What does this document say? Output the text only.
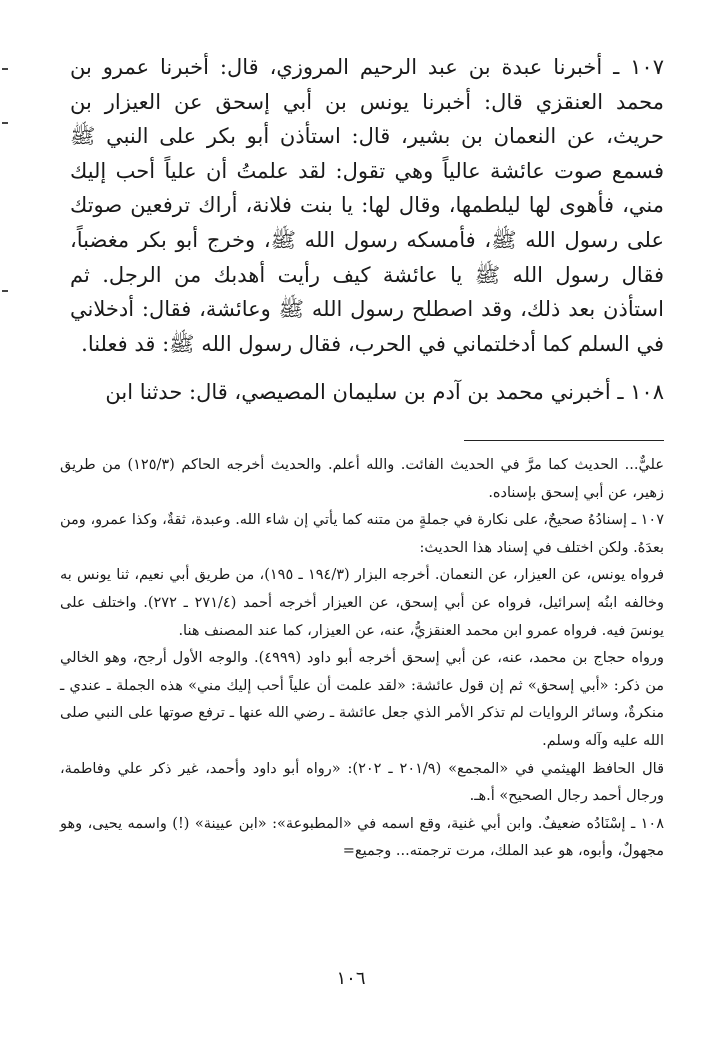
١٠٧ ـ أخبرنا عبدة بن عبد الرحيم المروزي، قال: أخبرنا عمرو بن محمد العنقزي قال: أخبرنا يونس بن أبي إسحق عن العيزار بن حريث، عن النعمان بن بشير، قال: استأذن أبو بكر على النبي ﷺ فسمع صوت عائشة عالياً وهي تقول: لقد علمتُ أن علياً أحب إليك مني، فأهوى لها ليلطمها، وقال لها: يا بنت فلانة، أراك ترفعين صوتك على رسول الله ﷺ، فأمسكه رسول الله ﷺ، وخرج أبو بكر مغضباً، فقال رسول الله ﷺ يا عائشة كيف رأيت أهدبك من الرجل. ثم استأذن بعد ذلك، وقد اصطلح رسول الله ﷺ وعائشة، فقال: أدخلاني في السلم كما أدخلتماني في الحرب، فقال رسول الله ﷺ: قد فعلنا.

١٠٨ ـ أخبرني محمد بن آدم بن سليمان المصيصي، قال: حدثنا ابن

عليٌّ... الحديث كما مرَّ في الحديث الفائت. والله أعلم. والحديث أخرجه الحاكم (١٢٥/٣) من طريق زهير، عن أبي إسحق بإسناده.

١٠٧ ـ إسنادُهُ صحيحٌ، على نكارة في جملةٍ من متنه كما يأتي إن شاء الله. وعبدة، ثقةٌ، وكذا عمرو، ومن بعدَهُ. ولكن اختلف في إسناد هذا الحديث:

فرواه يونس، عن العيزار، عن النعمان. أخرجه البزار (١٩٤/٣ ـ ١٩٥)، من طريق أبي نعيم، ثنا يونس به وخالفه ابنُه إسرائيل، فرواه عن أبي إسحق، عن العيزار أخرجه أحمد (٢٧١/٤ ـ ٢٧٢). واختلف على يونسَ فيه. فرواه عمرو ابن محمد العنقزيُّ، عنه، عن العيزار، كما عند المصنف هنا.

ورواه حجاج بن محمد، عنه، عن أبي إسحق أخرجه أبو داود (٤٩٩٩). والوجه الأول أرجح، وهو الخالي من ذكر: «أبي إسحق» ثم إن قول عائشة: «لقد علمت أن علياً أحب إليك مني» هذه الجملة ـ عندي ـ منكرةٌ، وسائر الروايات لم تذكر الأمر الذي جعل عائشة ـ رضي الله عنها ـ ترفع صوتها على النبي صلى الله عليه وآله وسلم.

قال الحافظ الهيثمي في «المجمع» (٢٠١/٩ ـ ٢٠٢): «رواه أبو داود وأحمد، غير ذكر علي وفاطمة، ورجال أحمد رجال الصحيح» أ.هـ.

١٠٨ ـ إسْنَادُه ضعيفٌ. وابن أبي غنية، وقع اسمه في «المطبوعة»: «ابن عيينة» (!) واسمه يحيى، وهو مجهولٌ، وأبوه، هو عبد الملك، مرت ترجمته... وجميع=

١٠٦
